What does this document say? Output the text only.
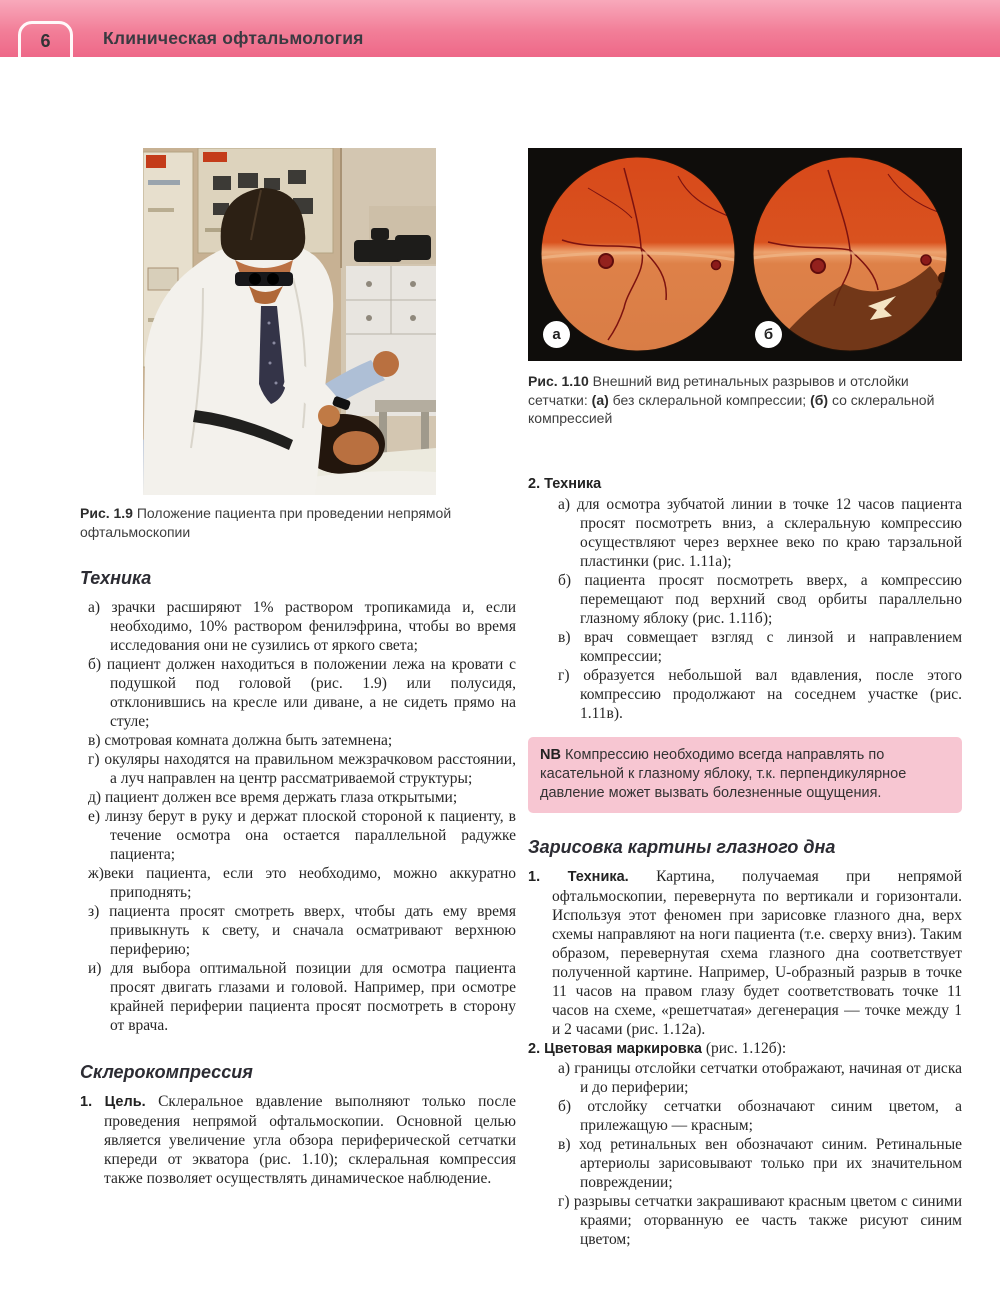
6	Клиническая офтальмология

Рис. 1.9 Положение пациента при проведении непрямой офтальмоскопии

Техника

а) зрачки расширяют 1% раствором тропикамида и, если необходимо, 10% раствором фенилэфрина, чтобы во время исследования они не сузились от яркого света;

б) пациент должен находиться в положении лежа на кровати с подушкой под головой (рис. 1.9) или полусидя, отклонившись на кресле или диване, а не сидеть прямо на стуле;

в) смотровая комната должна быть затемнена;

г) окуляры находятся на правильном межзрачковом расстоянии, а луч направлен на центр рассматриваемой структуры;

д) пациент должен все время держать глаза открытыми;

е) линзу берут в руку и держат плоской стороной к пациенту, в течение осмотра она остается параллельной радужке пациента;

ж)веки пациента, если это необходимо, можно аккуратно приподнять;

з) пациента просят смотреть вверх, чтобы дать ему время привыкнуть к свету, и сначала осматривают верхнюю периферию;

и) для выбора оптимальной позиции для осмотра пациента просят двигать глазами и головой. Например, при осмотре крайней периферии пациента просят посмотреть в сторону от врача.

Склерокомпрессия

1. Цель. Склеральное вдавление выполняют только после проведения непрямой офтальмоскопии. Основной целью является увеличение угла обзора периферической сетчатки кпереди от экватора (рис. 1.10); склеральная компрессия также позволяет осуществлять динамическое наблюдение.

а	б

Рис. 1.10 Внешний вид ретинальных разрывов и отслойки сетчатки: (а) без склеральной компрессии; (б) со склеральной компрессией

2. Техника

а) для осмотра зубчатой линии в точке 12 часов пациента просят посмотреть вниз, а склеральную компрессию осуществляют через верхнее веко по краю тарзальной пластинки (рис. 1.11а);

б) пациента просят посмотреть вверх, а компрессию перемещают под верхний свод орбиты параллельно глазному яблоку (рис. 1.11б);

в) врач совмещает взгляд с линзой и направлением компрессии;

г) образуется небольшой вал вдавления, после этого компрессию продолжают на соседнем участке (рис. 1.11в).

NB Компрессию необходимо всегда направлять по касательной к глазному яблоку, т.к. перпендикулярное давление может вызвать болезненные ощущения.
Зарисовка картины глазного дна

1. Техника. Картина, получаемая при непрямой офтальмоскопии, перевернута по вертикали и горизонтали. Используя этот феномен при зарисовке глазного дна, верх схемы направляют на ноги пациента (т.е. сверху вниз). Таким образом, перевернутая схема глазного дна соответствует полученной картине. Например, U-образный разрыв в точке 11 часов на правом глазу будет соответствовать точке 11 часов на схеме, «решетчатая» дегенерация — точке между 1 и 2 часами (рис. 1.12а).

2. Цветовая маркировка (рис. 1.12б):

а) границы отслойки сетчатки отображают, начиная от диска и до периферии;

б) отслойку сетчатки обозначают синим цветом, а прилежащую — красным;

в) ход ретинальных вен обозначают синим. Ретинальные артериолы зарисовывают только при их значительном повреждении;

г) разрывы сетчатки закрашивают красным цветом с синими краями; оторванную ее часть также рисуют синим цветом;
